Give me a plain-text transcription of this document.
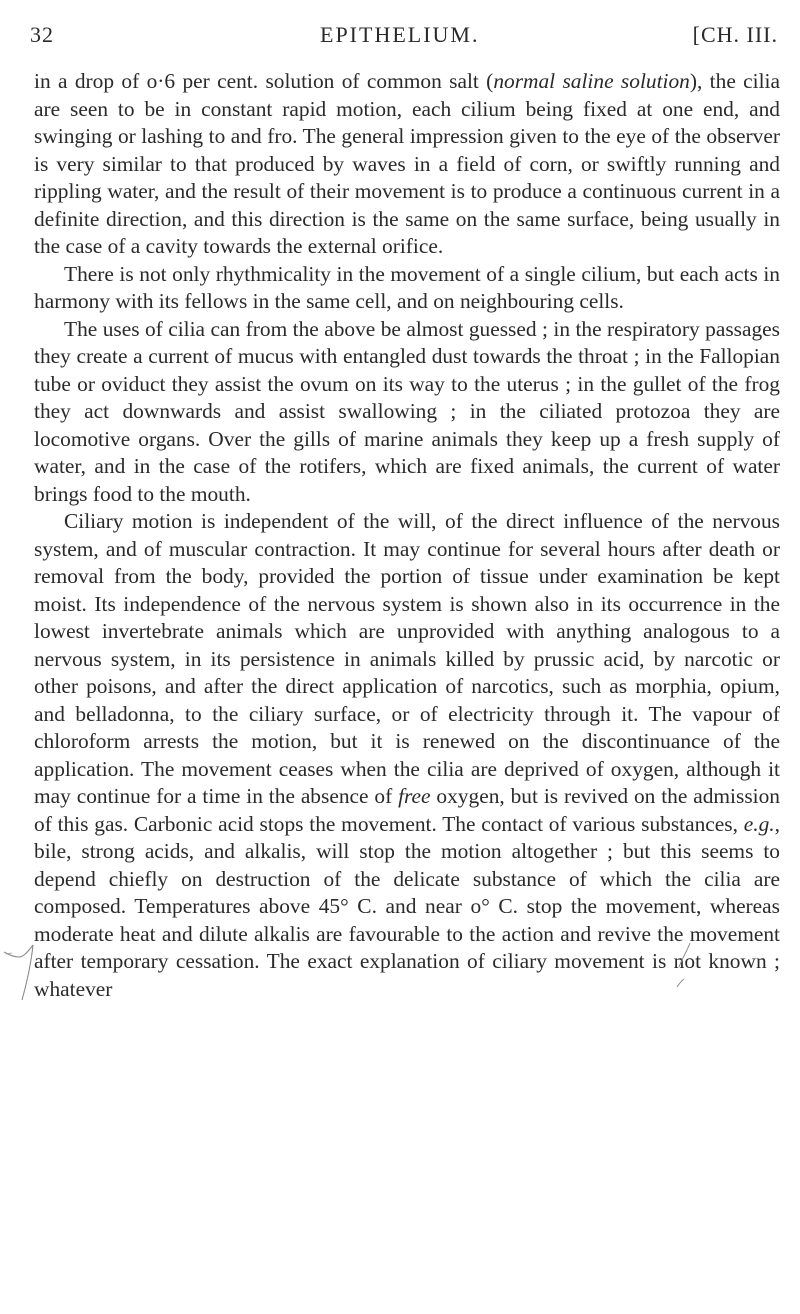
32	EPITHELIUM.	[CH. III.

in a drop of o·6 per cent. solution of common salt (normal saline solution), the cilia are seen to be in constant rapid motion, each cilium being fixed at one end, and swinging or lashing to and fro. The general impression given to the eye of the observer is very similar to that produced by waves in a field of corn, or swiftly running and rippling water, and the result of their movement is to produce a continuous current in a definite direction, and this direction is the same on the same surface, being usually in the case of a cavity towards the external orifice.

There is not only rhythmicality in the movement of a single cilium, but each acts in harmony with its fellows in the same cell, and on neighbouring cells.

The uses of cilia can from the above be almost guessed ; in the respiratory passages they create a current of mucus with entangled dust towards the throat ; in the Fallopian tube or oviduct they assist the ovum on its way to the uterus ; in the gullet of the frog they act downwards and assist swallowing ; in the ciliated protozoa they are locomotive organs. Over the gills of marine animals they keep up a fresh supply of water, and in the case of the rotifers, which are fixed animals, the current of water brings food to the mouth.

Ciliary motion is independent of the will, of the direct influence of the nervous system, and of muscular contraction. It may continue for several hours after death or removal from the body, provided the portion of tissue under examination be kept moist. Its independence of the nervous system is shown also in its occurrence in the lowest invertebrate animals which are unprovided with anything analogous to a nervous system, in its persistence in animals killed by prussic acid, by narcotic or other poisons, and after the direct application of narcotics, such as morphia, opium, and belladonna, to the ciliary surface, or of electricity through it. The vapour of chloroform arrests the motion, but it is renewed on the discontinuance of the application. The movement ceases when the cilia are deprived of oxygen, although it may continue for a time in the absence of free oxygen, but is revived on the admission of this gas. Carbonic acid stops the movement. The contact of various substances, e.g., bile, strong acids, and alkalis, will stop the motion altogether ; but this seems to depend chiefly on destruction of the delicate substance of which the cilia are composed. Temperatures above 45° C. and near o° C. stop the movement, whereas moderate heat and dilute alkalis are favourable to the action and revive the movement after temporary cessation. The exact explanation of ciliary movement is not known ; whatever
